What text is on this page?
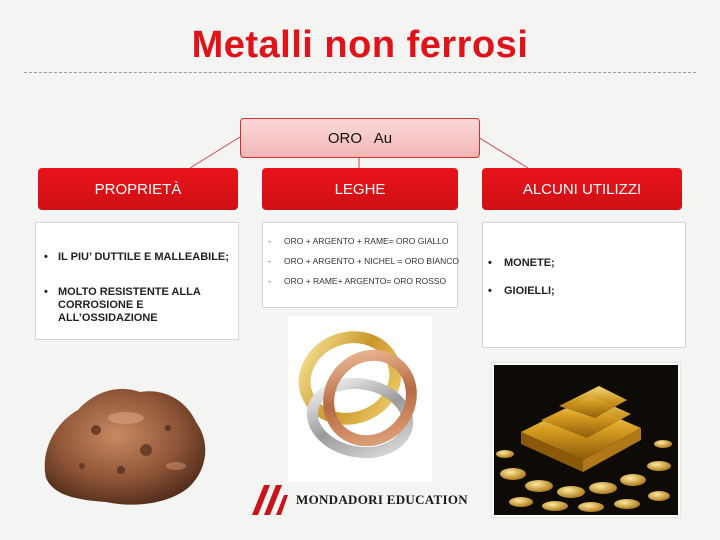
Metalli non ferrosi
ORO   Au
PROPRIETÀ	LEGHE	ALCUNI UTILIZZI
• IL PIU’ DUTTILE E MALLEABILE;
• MOLTO RESISTENTE ALLA CORROSIONE E ALL’OSSIDAZIONE
- ORO + ARGENTO + RAME= ORO GIALLO
- ORO + ARGENTO + NICHEL = ORO BIANCO
- ORO + RAME+ ARGENTO= ORO ROSSO
• MONETE;
• GIOIELLI;
MONDADORI EDUCATION
